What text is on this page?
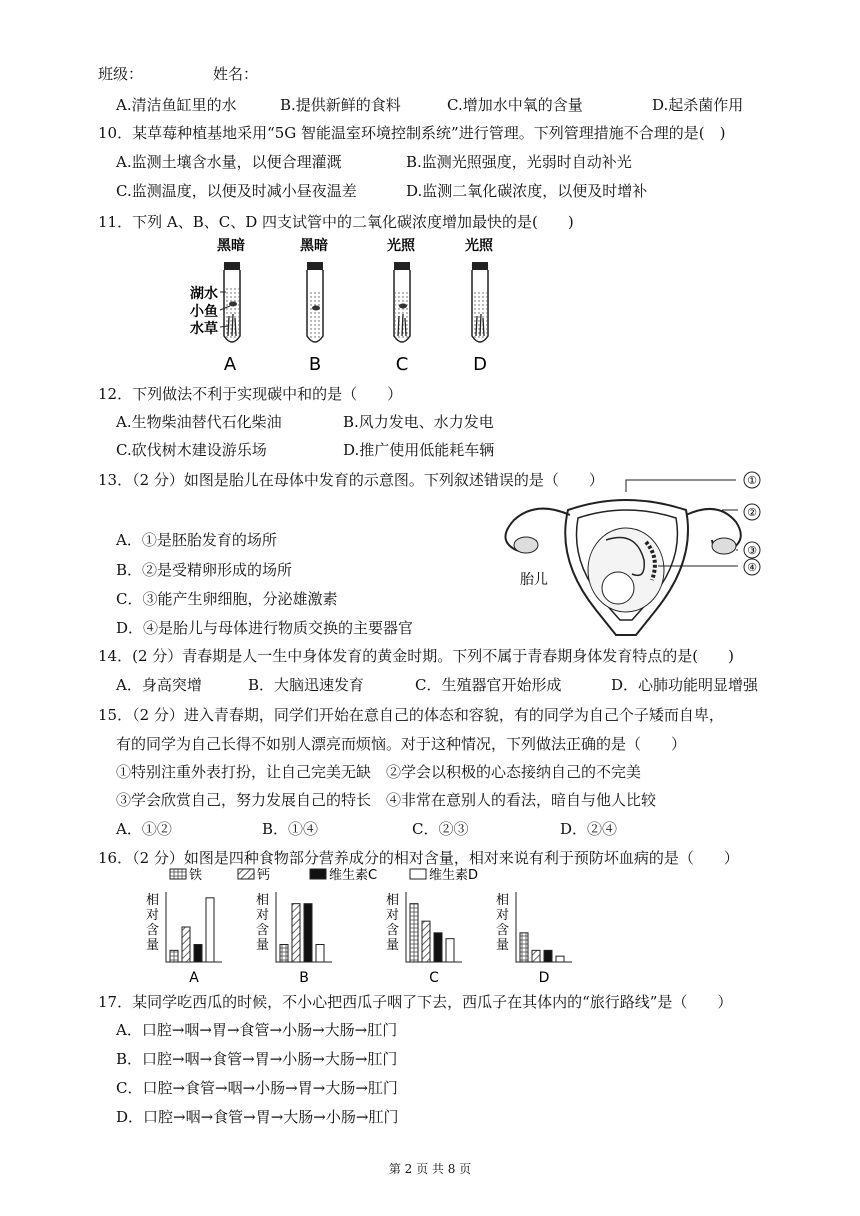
班级：	姓名：
A.清洁鱼缸里的水	B.提供新鲜的食料	C.增加水中氧的含量	D.起杀菌作用
10．某草莓种植基地采用“5G 智能温室环境控制系统”进行管理。下列管理措施不合理的是(　)
A.监测土壤含水量，以便合理灌溉	B.监测光照强度，光弱时自动补光
C.监测温度，以便及时减小昼夜温差	D.监测二氧化碳浓度，以便及时增补
11．下列 A、B、C、D 四支试管中的二氧化碳浓度增加最快的是(　　)
黑暗
A
黑暗
B
光照
C
光照
D
湖水
小鱼
水草
12．下列做法不利于实现碳中和的是（　　）
A.生物柴油替代石化柴油	B.风力发电、水力发电
C.砍伐树木建设游乐场	D.推广使用低能耗车辆
13．（2 分）如图是胎儿在母体中发育的示意图。下列叙述错误的是（　　）
A．①是胚胎发育的场所
B．②是受精卵形成的场所
C．③能产生卵细胞，分泌雄激素
D．④是胎儿与母体进行物质交换的主要器官
胎儿
①
②
③
④
14．(2 分）青春期是人一生中身体发育的黄金时期。下列不属于青春期身体发育特点的是(　　)
A．身高突增	B．大脑迅速发育	C．生殖器官开始形成	D．心肺功能明显增强
15．（2 分）进入青春期，同学们开始在意自己的体态和容貌，有的同学为自己个子矮而自卑，
有的同学为自己长得不如别人漂亮而烦恼。对于这种情况，下列做法正确的是（　　）
①特别注重外表打扮，让自己完美无缺　②学会以积极的心态接纳自己的不完美
③学会欣赏自己，努力发展自己的特长　④非常在意别人的看法，暗自与他人比较
A．①②	B．①④	C．②③	D．②④
16．（2 分）如图是四种食物部分营养成分的相对含量，相对来说有利于预防坏血病的是（　　）
铁	钙	维生素C	维生素D
相
对
含
量
A
相
对
含
量
B
相
对
含
量
C
相
对
含
量
D
17．某同学吃西瓜的时候，不小心把西瓜子咽了下去，西瓜子在其体内的“旅行路线”是（　　）
A．口腔→咽→胃→食管→小肠→大肠→肛门
B．口腔→咽→食管→胃→小肠→大肠→肛门
C．口腔→食管→咽→小肠→胃→大肠→肛门
D．口腔→咽→食管→胃→大肠→小肠→肛门
第 2 页 共 8 页
